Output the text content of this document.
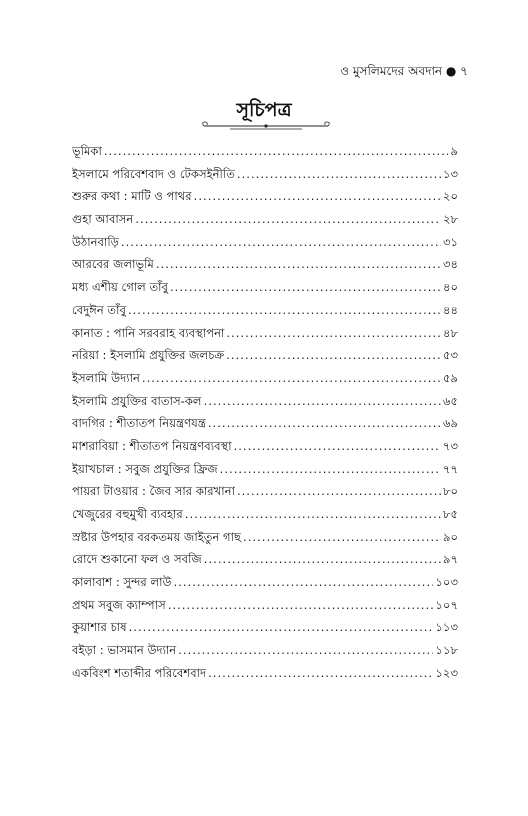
ও মুসলিমদের অবদান ● ৭
সূচিপত্র
ভূমিকা .....	৯
ইসলামে পরিবেশবাদ ও টেকসইনীতি .....	১৩
শুরুর কথা : মাটি ও পাথর .....	২০
গুহা আবাসন .....	২৮
উঠানবাড়ি .....	৩১
আরবের জলাভূমি .....	৩৪
মধ্য এশীয় গোল তাঁবু .....	৪০
বেদুঈন তাঁবু .....	৪৪
কানাত : পানি সরবরাহ ব্যবস্থাপনা .....	৪৮
নরিয়া : ইসলামি প্রযুক্তির জলচক্র .....	৫৩
ইসলামি উদ্যান .....	৫৯
ইসলামি প্রযুক্তির বাতাস-কল .....	৬৫
বাদগির : শীতাতপ নিয়ন্ত্রণযন্ত্র .....	৬৯
মাশরাবিয়া : শীতাতপ নিয়ন্ত্রণব্যবস্থা .....	৭৩
ইয়াখচাল : সবুজ প্রযুক্তির ফ্রিজ .....	৭৭
পায়রা টাওয়ার : জৈব সার কারখানা .....	৮০
খেজুরের বহুমুখী ব্যবহার .....	৮৫
স্রষ্টার উপহার বরকতময় জাইতুন গাছ .....	৯০
রোদে শুকানো ফল ও সবজি .....	৯৭
কালাবাশ : সুন্দর লাউ .....	১০৩
প্রথম সবুজ ক্যাম্পাস .....	১০৭
কুয়াশার চাষ .....	১১৩
বইড়া : ভাসমান উদ্যান .....	১১৮
একবিংশ শতাব্দীর পরিবেশবাদ .....	১২৩
